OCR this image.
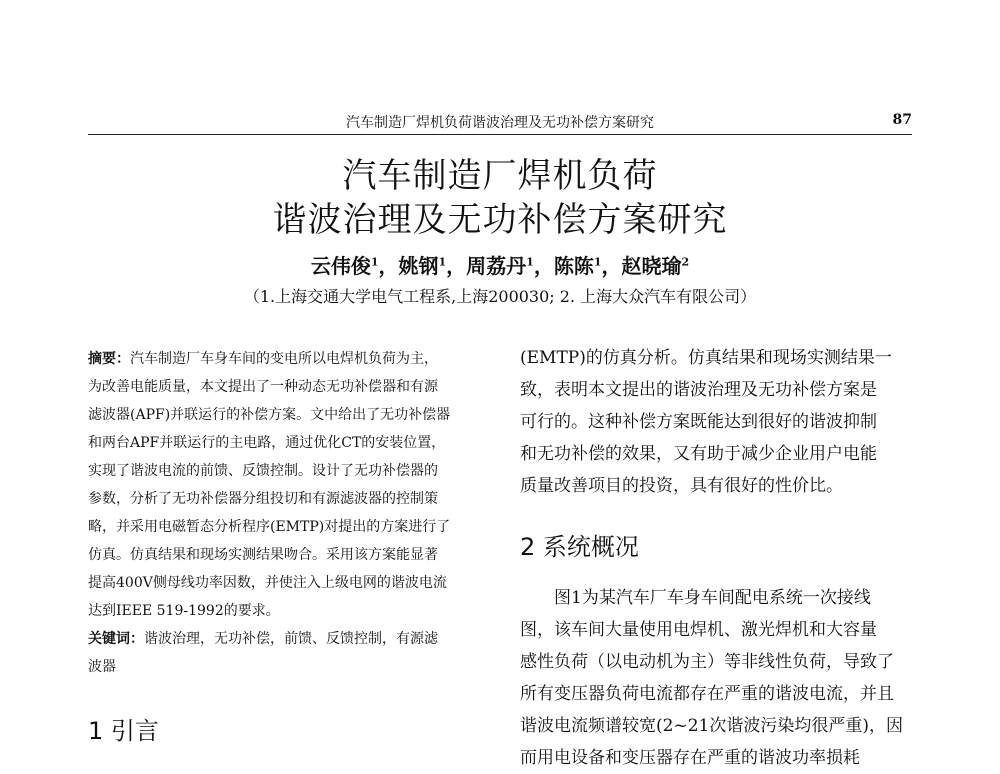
汽车制造厂焊机负荷谐波治理及无功补偿方案研究	87
汽车制造厂焊机负荷
谐波治理及无功补偿方案研究
云伟俊$^1$，姚钢$^1$，周荔丹$^1$，陈陈$^1$，赵晓瑜$^2$
（1.上海交通大学电气工程系,上海200030; 2. 上海大众汽车有限公司）
摘要：汽车制造厂车身车间的变电所以电焊机负荷为主，
为改善电能质量，本文提出了一种动态无功补偿器和有源
滤波器(APF)并联运行的补偿方案。文中给出了无功补偿器
和两台APF并联运行的主电路，通过优化CT的安装位置，
实现了谐波电流的前馈、反馈控制。设计了无功补偿器的
参数，分析了无功补偿器分组投切和有源滤波器的控制策
略，并采用电磁暂态分析程序(EMTP)对提出的方案进行了
仿真。仿真结果和现场实测结果吻合。采用该方案能显著
提高400V侧母线功率因数，并使注入上级电网的谐波电流
达到IEEE 519-1992的要求。
关键词：谐波治理，无功补偿，前馈、反馈控制，有源滤
波器
1 引言
(EMTP)的仿真分析。仿真结果和现场实测结果一
致，表明本文提出的谐波治理及无功补偿方案是
可行的。这种补偿方案既能达到很好的谐波抑制
和无功补偿的效果，又有助于减少企业用户电能
质量改善项目的投资，具有很好的性价比。
2 系统概况
图1为某汽车厂车身车间配电系统一次接线
图，该车间大量使用电焊机、激光焊机和大容量
感性负荷（以电动机为主）等非线性负荷，导致了
所有变压器负荷电流都存在严重的谐波电流，并且
谐波电流频谱较宽(2~21次谐波污染均很严重)，因
而用电设备和变压器存在严重的谐波功率损耗
